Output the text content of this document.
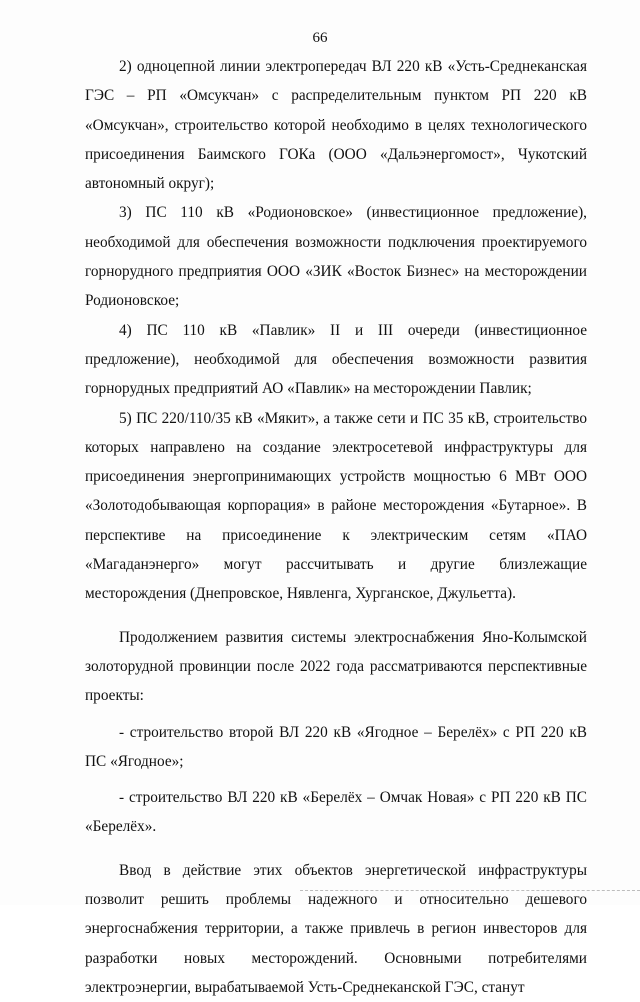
66

2) одноцепной линии электропередач ВЛ 220 кВ «Усть-Среднеканская ГЭС – РП «Омсукчан» с распределительным пунктом РП 220 кВ «Омсукчан», строительство которой необходимо в целях технологического присоединения Баимского ГОКа (ООО «Дальэнергомост», Чукотский автономный округ);

3) ПС 110 кВ «Родионовское» (инвестиционное предложение), необходимой для обеспечения возможности подключения проектируемого горнорудного предприятия ООО «ЗИК «Восток Бизнес» на месторождении Родионовское;

4) ПС 110 кВ «Павлик» II и III очереди (инвестиционное предложение), необходимой для обеспечения возможности развития горнорудных предприятий АО «Павлик» на месторождении Павлик;

5) ПС 220/110/35 кВ «Мякит», а также сети и ПС 35 кВ, строительство которых направлено на создание электросетевой инфраструктуры для присоединения энергопринимающих устройств мощностью 6 МВт ООО «Золотодобывающая корпорация» в районе месторождения «Бутарное». В перспективе на присоединение к электрическим сетям «ПАО «Магаданэнерго» могут рассчитывать и другие близлежащие месторождения (Днепровское, Нявленга, Хурганское, Джульетта).

Продолжением развития системы электроснабжения Яно-Колымской золоторудной провинции после 2022 года рассматриваются перспективные проекты:

- строительство второй ВЛ 220 кВ «Ягодное – Берелёх» с РП 220 кВ ПС «Ягодное»;

- строительство ВЛ 220 кВ «Берелёх – Омчак Новая» с РП 220 кВ ПС «Берелёх».

Ввод в действие этих объектов энергетической инфраструктуры позволит решить проблемы надежного и относительно дешевого энергоснабжения территории, а также привлечь в регион инвесторов для разработки новых месторождений. Основными потребителями электроэнергии, вырабатываемой Усть-Среднеканской ГЭС, станут
